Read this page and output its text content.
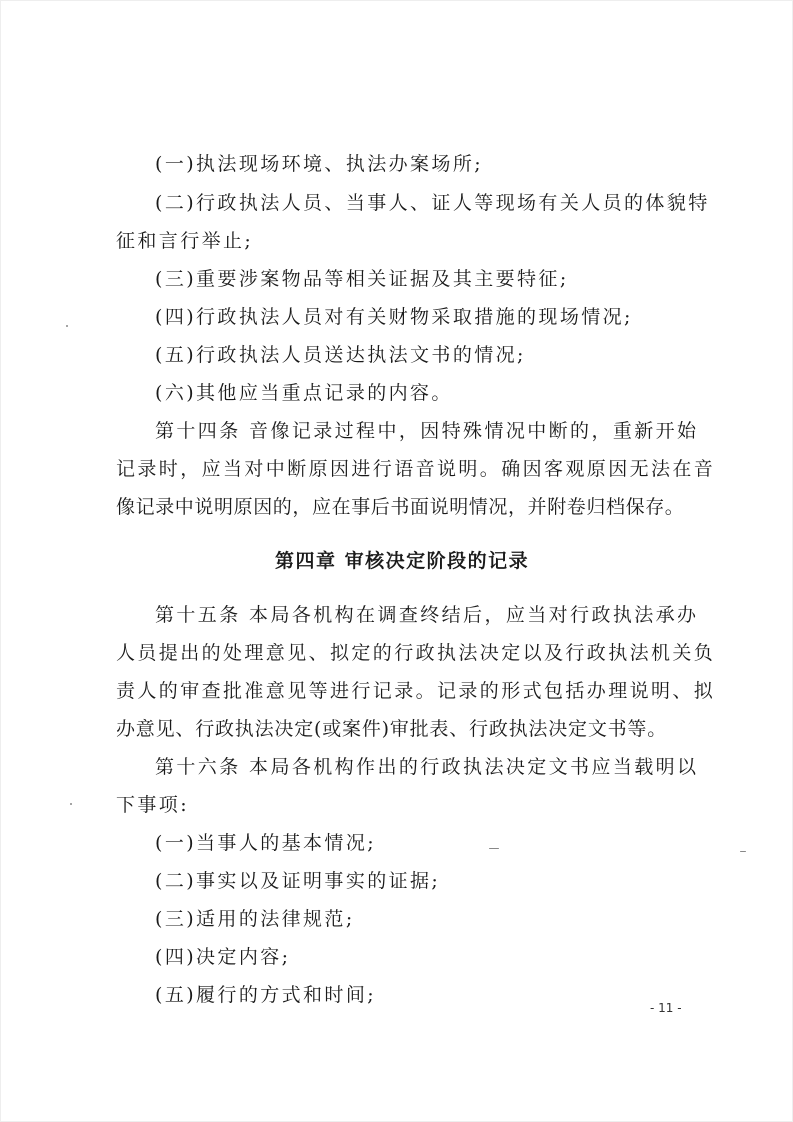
(一)执法现场环境、执法办案场所;
(二)行政执法人员、当事人、证人等现场有关人员的体貌特
征和言行举止;
(三)重要涉案物品等相关证据及其主要特征;
(四)行政执法人员对有关财物采取措施的现场情况;
(五)行政执法人员送达执法文书的情况;
(六)其他应当重点记录的内容。
第十四条 音像记录过程中，因特殊情况中断的，重新开始
记录时，应当对中断原因进行语音说明。确因客观原因无法在音
像记录中说明原因的，应在事后书面说明情况，并附卷归档保存。
第四章 审核决定阶段的记录
第十五条 本局各机构在调查终结后，应当对行政执法承办
人员提出的处理意见、拟定的行政执法决定以及行政执法机关负
责人的审查批准意见等进行记录。记录的形式包括办理说明、拟
办意见、行政执法决定(或案件)审批表、行政执法决定文书等。
第十六条 本局各机构作出的行政执法决定文书应当载明以
下事项:
(一)当事人的基本情况;
(二)事实以及证明事实的证据;
(三)适用的法律规范;
(四)决定内容;
(五)履行的方式和时间;
- 11 -
